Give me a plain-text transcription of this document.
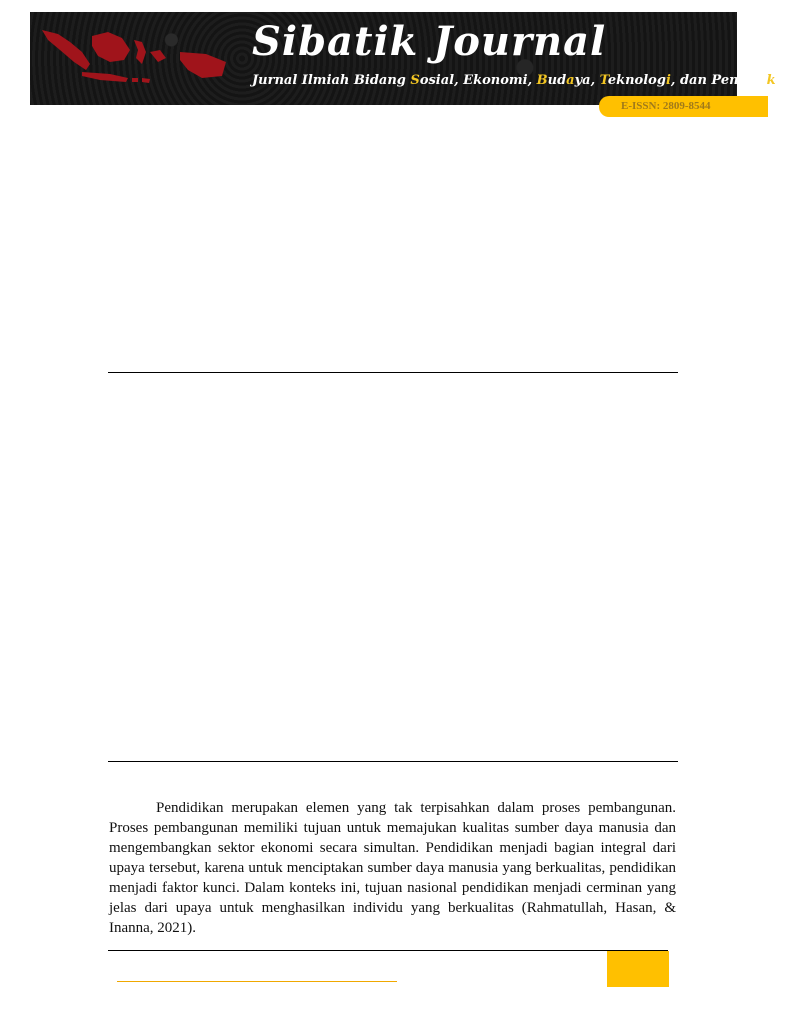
Sibatik Journal
Jurnal Ilmiah Bidang Sosial, Ekonomi, Budaya, Teknologi, dan Pendidikan
E-ISSN: 2809-8544

Pendidikan merupakan elemen yang tak terpisahkan dalam proses pembangunan. Proses pembangunan memiliki tujuan untuk memajukan kualitas sumber daya manusia dan mengembangkan sektor ekonomi secara simultan. Pendidikan menjadi bagian integral dari upaya tersebut, karena untuk menciptakan sumber daya manusia yang berkualitas, pendidikan menjadi faktor kunci. Dalam konteks ini, tujuan nasional pendidikan menjadi cerminan yang jelas dari upaya untuk menghasilkan individu yang berkualitas (Rahmatullah, Hasan, & Inanna, 2021).
